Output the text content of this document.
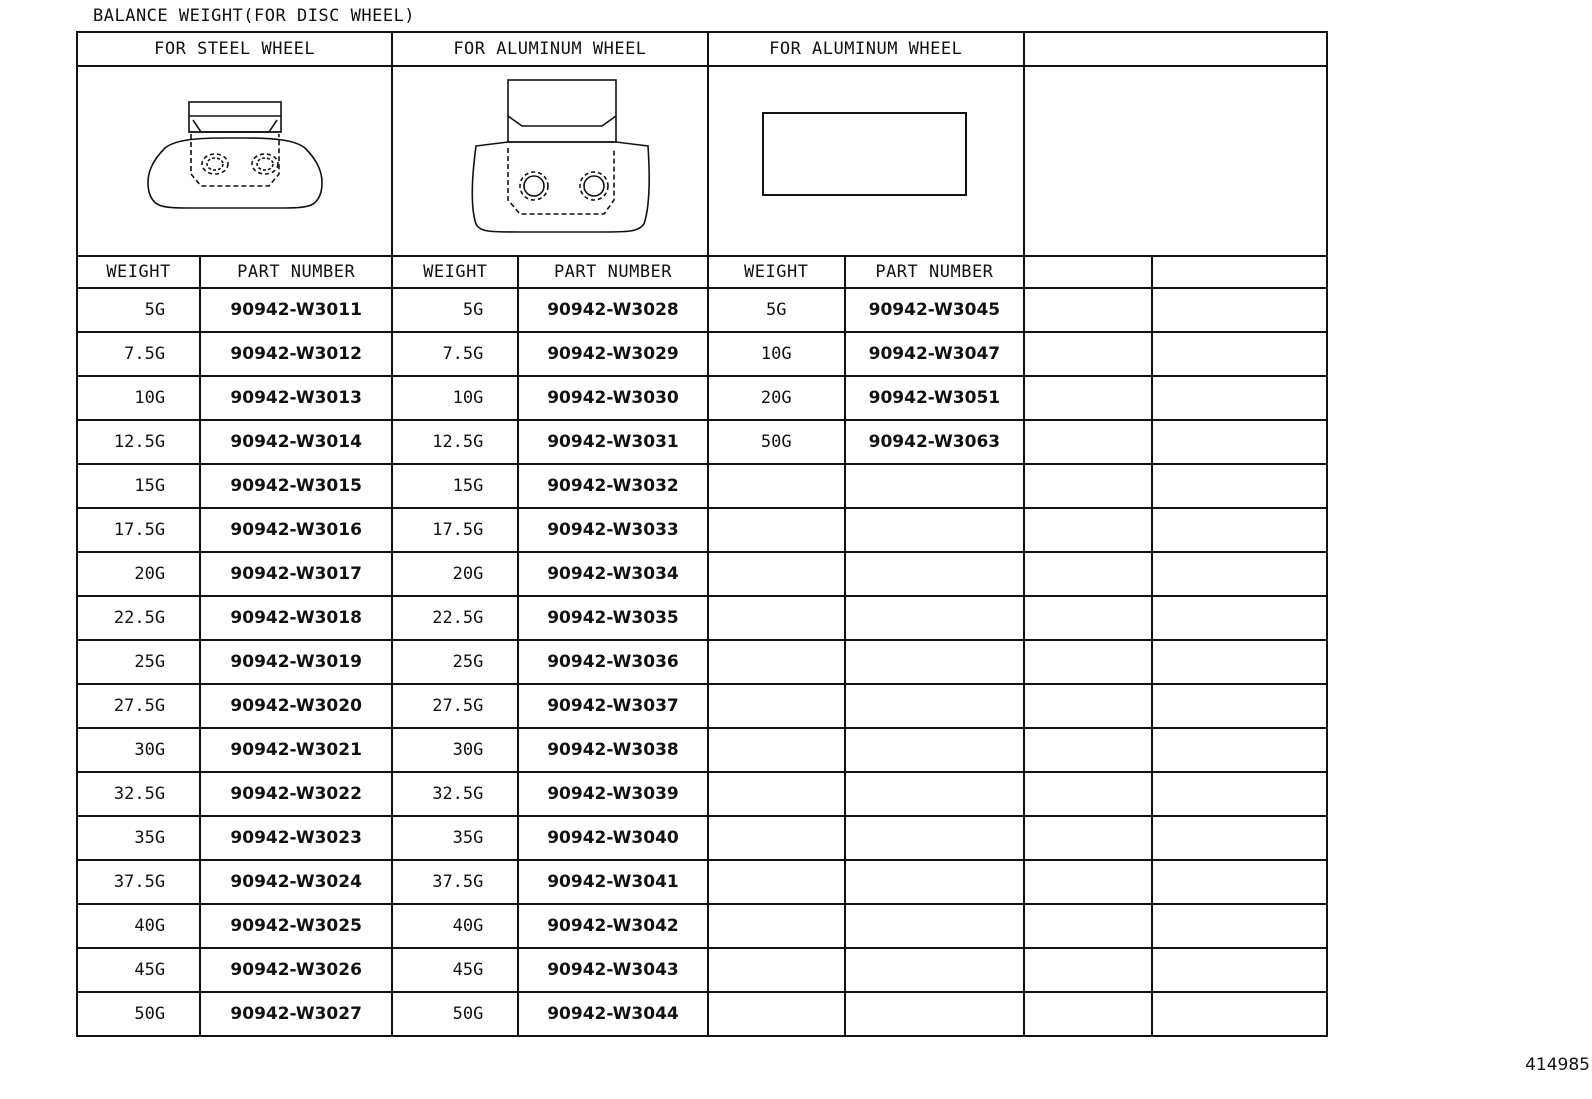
BALANCE WEIGHT(FOR DISC WHEEL)
FOR STEEL WHEEL		FOR ALUMINUM WHEEL		FOR ALUMINUM WHEEL			

WEIGHT	PART NUMBER	WEIGHT	PART NUMBER	WEIGHT	PART NUMBER		
5G	90942-W3011	5G	90942-W3028	5G	90942-W3045		
7.5G	90942-W3012	7.5G	90942-W3029	10G	90942-W3047		
10G	90942-W3013	10G	90942-W3030	20G	90942-W3051		
12.5G	90942-W3014	12.5G	90942-W3031	50G	90942-W3063		
15G	90942-W3015	15G	90942-W3032				
17.5G	90942-W3016	17.5G	90942-W3033				
20G	90942-W3017	20G	90942-W3034				
22.5G	90942-W3018	22.5G	90942-W3035				
25G	90942-W3019	25G	90942-W3036				
27.5G	90942-W3020	27.5G	90942-W3037				
30G	90942-W3021	30G	90942-W3038				
32.5G	90942-W3022	32.5G	90942-W3039				
35G	90942-W3023	35G	90942-W3040				
37.5G	90942-W3024	37.5G	90942-W3041				
40G	90942-W3025	40G	90942-W3042				
45G	90942-W3026	45G	90942-W3043				
50G	90942-W3027	50G	90942-W3044				
414985
